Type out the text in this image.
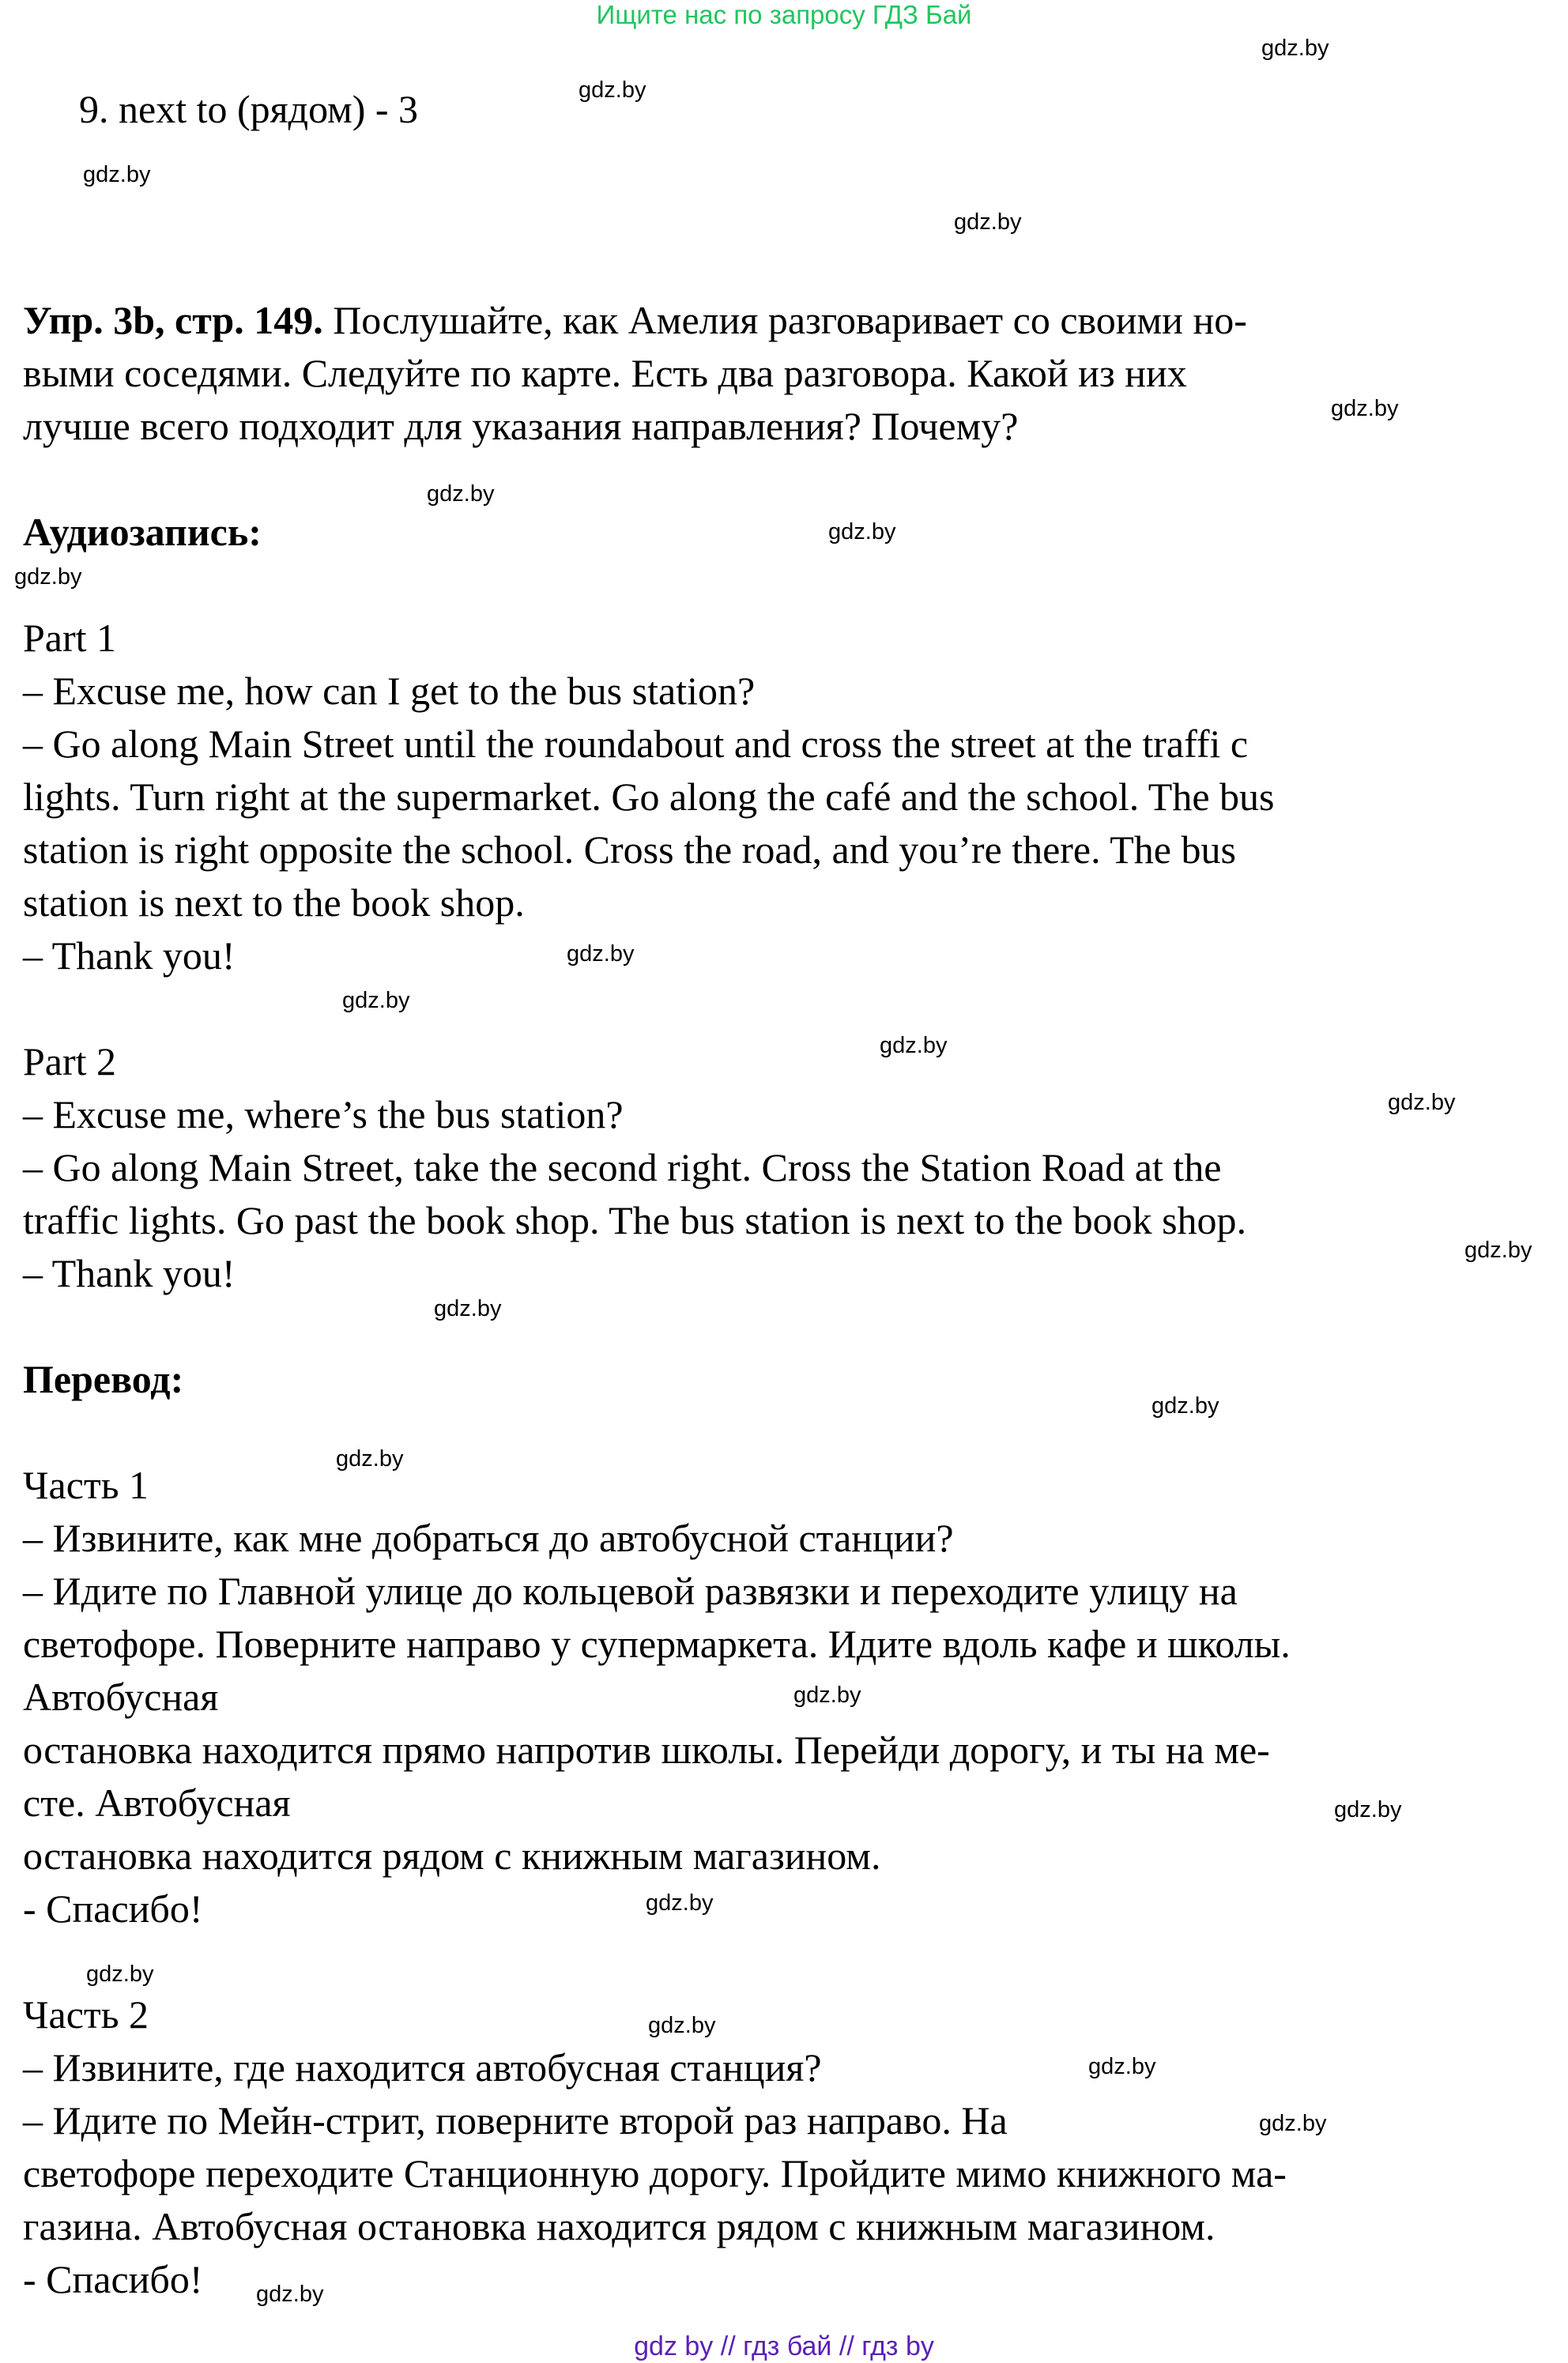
Ищите нас по запросу ГДЗ Бай

9. next to (рядом) - 3

Упр. 3b, стр. 149. Послушайте, как Амелия разговаривает со своими но-

выми соседями. Следуйте по карте. Есть два разговора. Какой из них

лучше всего подходит для указания направления? Почему?

Аудиозапись:

Part 1

– Excuse me, how can I get to the bus station?

– Go along Main Street until the roundabout and cross the street at the traffi c

lights. Turn right at the supermarket. Go along the café and the school. The bus

station is right opposite the school. Cross the road, and you’re there. The bus

station is next to the book shop.

– Thank you!

Part 2

– Excuse me, where’s the bus station?

– Go along Main Street, take the second right. Cross the Station Road at the

traffic lights. Go past the book shop. The bus station is next to the book shop.

– Thank you!

Перевод:

Часть 1

– Извините, как мне добраться до автобусной станции?

– Идите по Главной улице до кольцевой развязки и переходите улицу на

светофоре. Поверните направо у супермаркета. Идите вдоль кафе и школы.

Автобусная

остановка находится прямо напротив школы. Перейди дорогу, и ты на ме-

сте. Автобусная

остановка находится рядом с книжным магазином.

- Спасибо!

Часть 2

– Извините, где находится автобусная станция?

– Идите по Мейн-стрит, поверните второй раз направо. На

светофоре переходите Станционную дорогу. Пройдите мимо книжного ма-

газина. Автобусная остановка находится рядом с книжным магазином.

- Спасибо!

gdz.by
gdz.by
gdz.by
gdz.by
gdz.by
gdz.by
gdz.by
gdz.by
gdz.by
gdz.by
gdz.by
gdz.by
gdz.by
gdz.by
gdz.by
gdz.by
gdz.by
gdz.by
gdz.by
gdz.by
gdz.by
gdz.by
gdz.by
gdz.by
gdz by // гдз бай // гдз by
